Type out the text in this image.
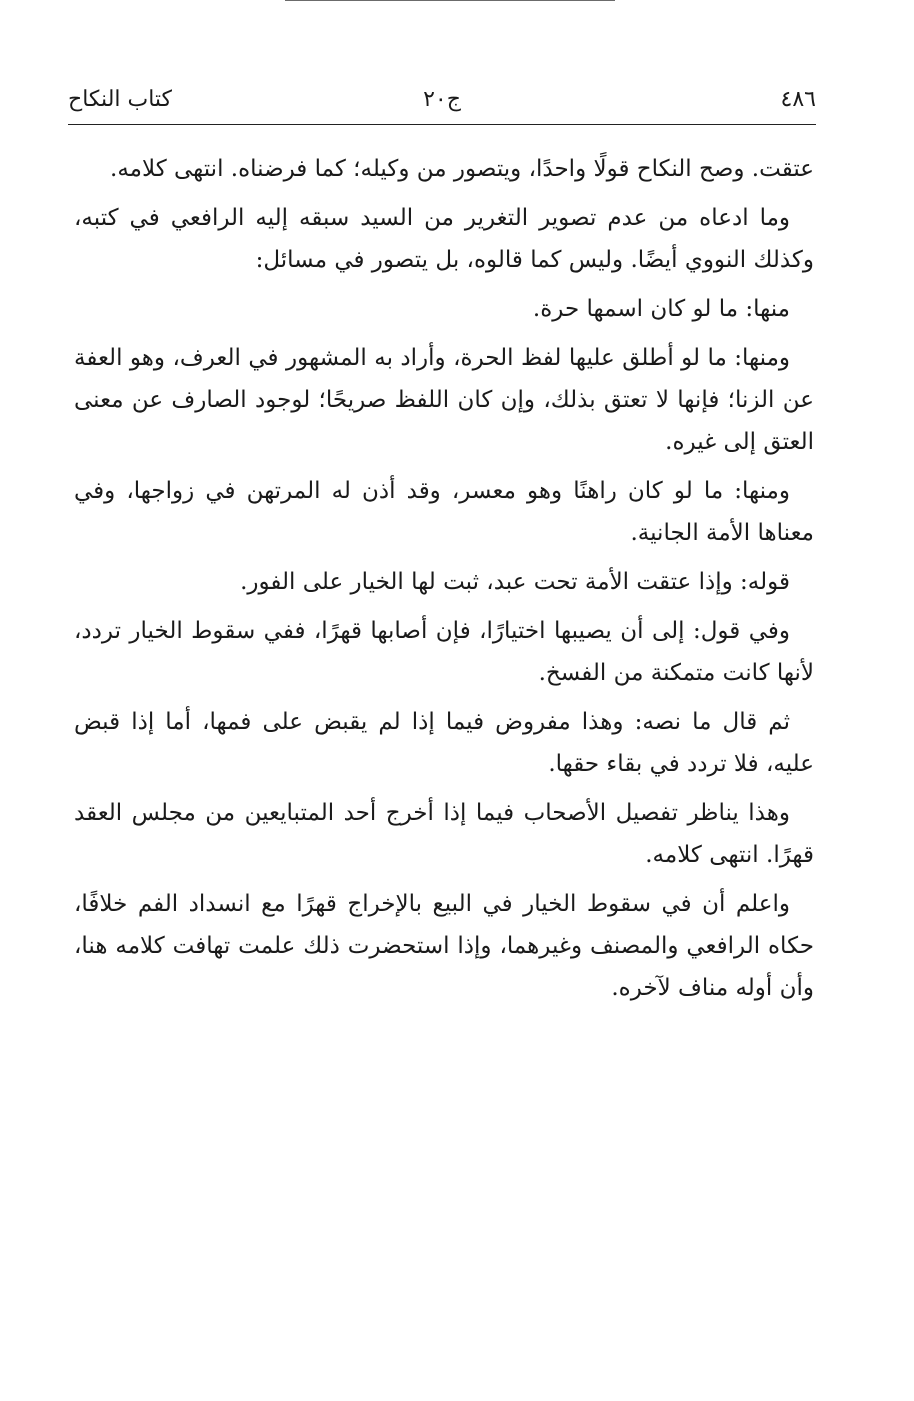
٤٨٦
ج٢٠
كتاب النكاح

عتقت. وصح النكاح قولًا واحدًا، ويتصور من وكيله؛ كما فرضناه. انتهى كلامه.

وما ادعاه من عدم تصوير التغرير من السيد سبقه إليه الرافعي في كتبه، وكذلك النووي أيضًا. وليس كما قالوه، بل يتصور في مسائل:

منها: ما لو كان اسمها حرة.

ومنها: ما لو أطلق عليها لفظ الحرة، وأراد به المشهور في العرف، وهو العفة عن الزنا؛ فإنها لا تعتق بذلك، وإن كان اللفظ صريحًا؛ لوجود الصارف عن معنى العتق إلى غيره.

ومنها: ما لو كان راهنًا وهو معسر، وقد أذن له المرتهن في زواجها، وفي معناها الأمة الجانية.

قوله: وإذا عتقت الأمة تحت عبد، ثبت لها الخيار على الفور.

وفي قول: إلى أن يصيبها اختيارًا، فإن أصابها قهرًا، ففي سقوط الخيار تردد، لأنها كانت متمكنة من الفسخ.

ثم قال ما نصه: وهذا مفروض فيما إذا لم يقبض على فمها، أما إذا قبض عليه، فلا تردد في بقاء حقها.

وهذا يناظر تفصيل الأصحاب فيما إذا أخرج أحد المتبايعين من مجلس العقد قهرًا. انتهى كلامه.

واعلم أن في سقوط الخيار في البيع بالإخراج قهرًا مع انسداد الفم خلافًا، حكاه الرافعي والمصنف وغيرهما، وإذا استحضرت ذلك علمت تهافت كلامه هنا، وأن أوله مناف لآخره.
